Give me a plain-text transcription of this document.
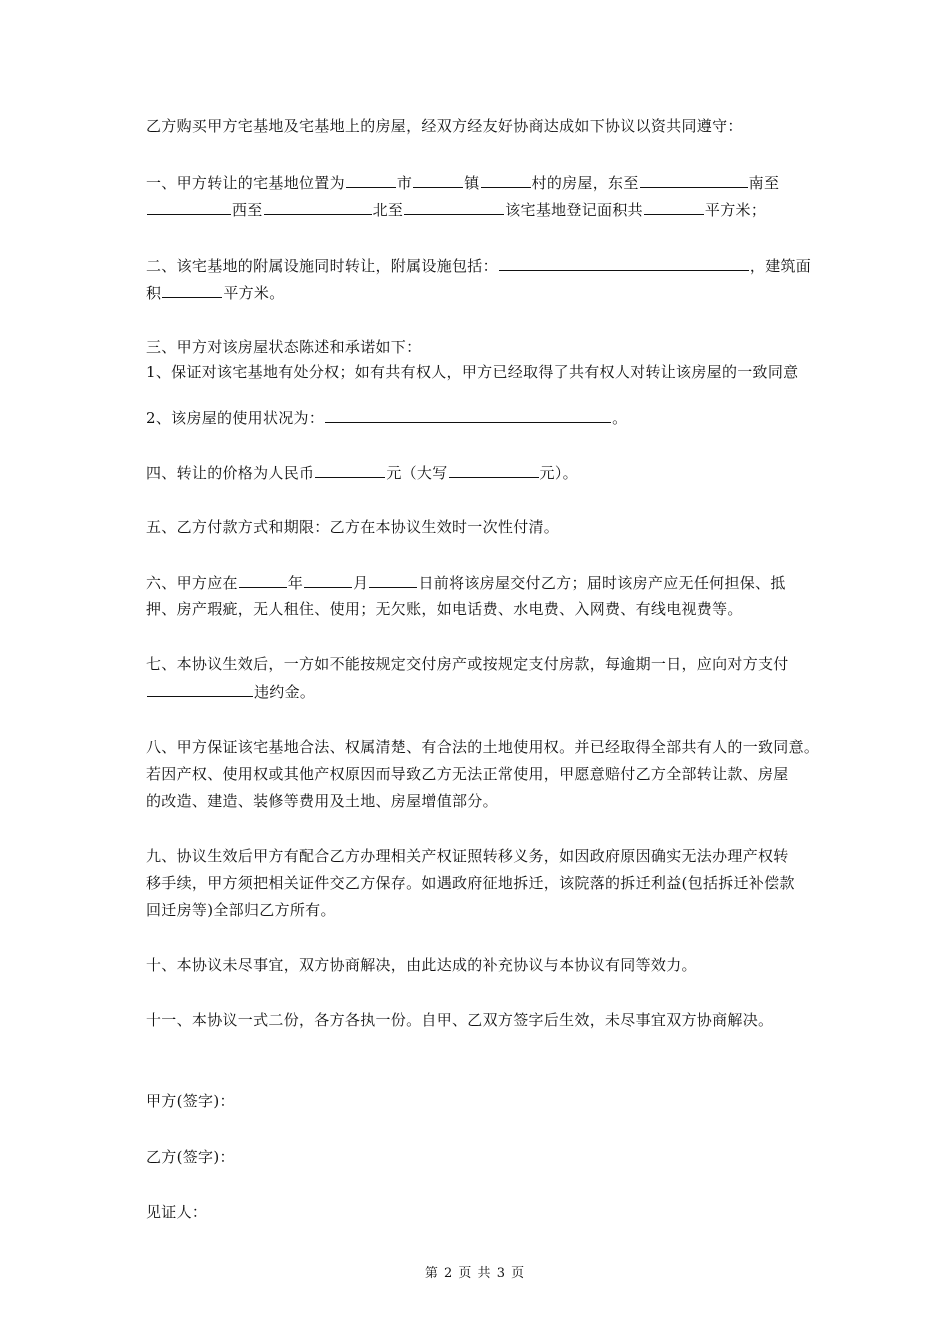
乙方购买甲方宅基地及宅基地上的房屋，经双方经友好协商达成如下协议以资共同遵守：
一、甲方转让的宅基地位置为	市	镇	村的房屋，东至	南至
西至	北至	该宅基地登记面积共	平方米；
二、该宅基地的附属设施同时转让，附属设施包括：	，建筑面
积	平方米。
三、甲方对该房屋状态陈述和承诺如下：
1、保证对该宅基地有处分权；如有共有权人，甲方已经取得了共有权人对转让该房屋的一致同意
2、该房屋的使用状况为：	。
四、转让的价格为人民币	元（大写	元）。
五、乙方付款方式和期限：乙方在本协议生效时一次性付清。
六、甲方应在	年	月	日前将该房屋交付乙方；届时该房产应无任何担保、抵
押、房产瑕疵，无人租住、使用；无欠账，如电话费、水电费、入网费、有线电视费等。
七、本协议生效后，一方如不能按规定交付房产或按规定支付房款，每逾期一日，应向对方支付
违约金。
八、甲方保证该宅基地合法、权属清楚、有合法的土地使用权。并已经取得全部共有人的一致同意。
若因产权、使用权或其他产权原因而导致乙方无法正常使用，甲愿意赔付乙方全部转让款、房屋
的改造、建造、装修等费用及土地、房屋增值部分。
九、协议生效后甲方有配合乙方办理相关产权证照转移义务，如因政府原因确实无法办理产权转
移手续，甲方须把相关证件交乙方保存。如遇政府征地拆迁，该院落的拆迁利益(包括拆迁补偿款
回迁房等)全部归乙方所有。
十、本协议未尽事宜，双方协商解决，由此达成的补充协议与本协议有同等效力。
十一、本协议一式二份，各方各执一份。自甲、乙双方签字后生效，未尽事宜双方协商解决。
甲方(签字)：
乙方(签字)：
见证人：
第 2 页 共 3 页
